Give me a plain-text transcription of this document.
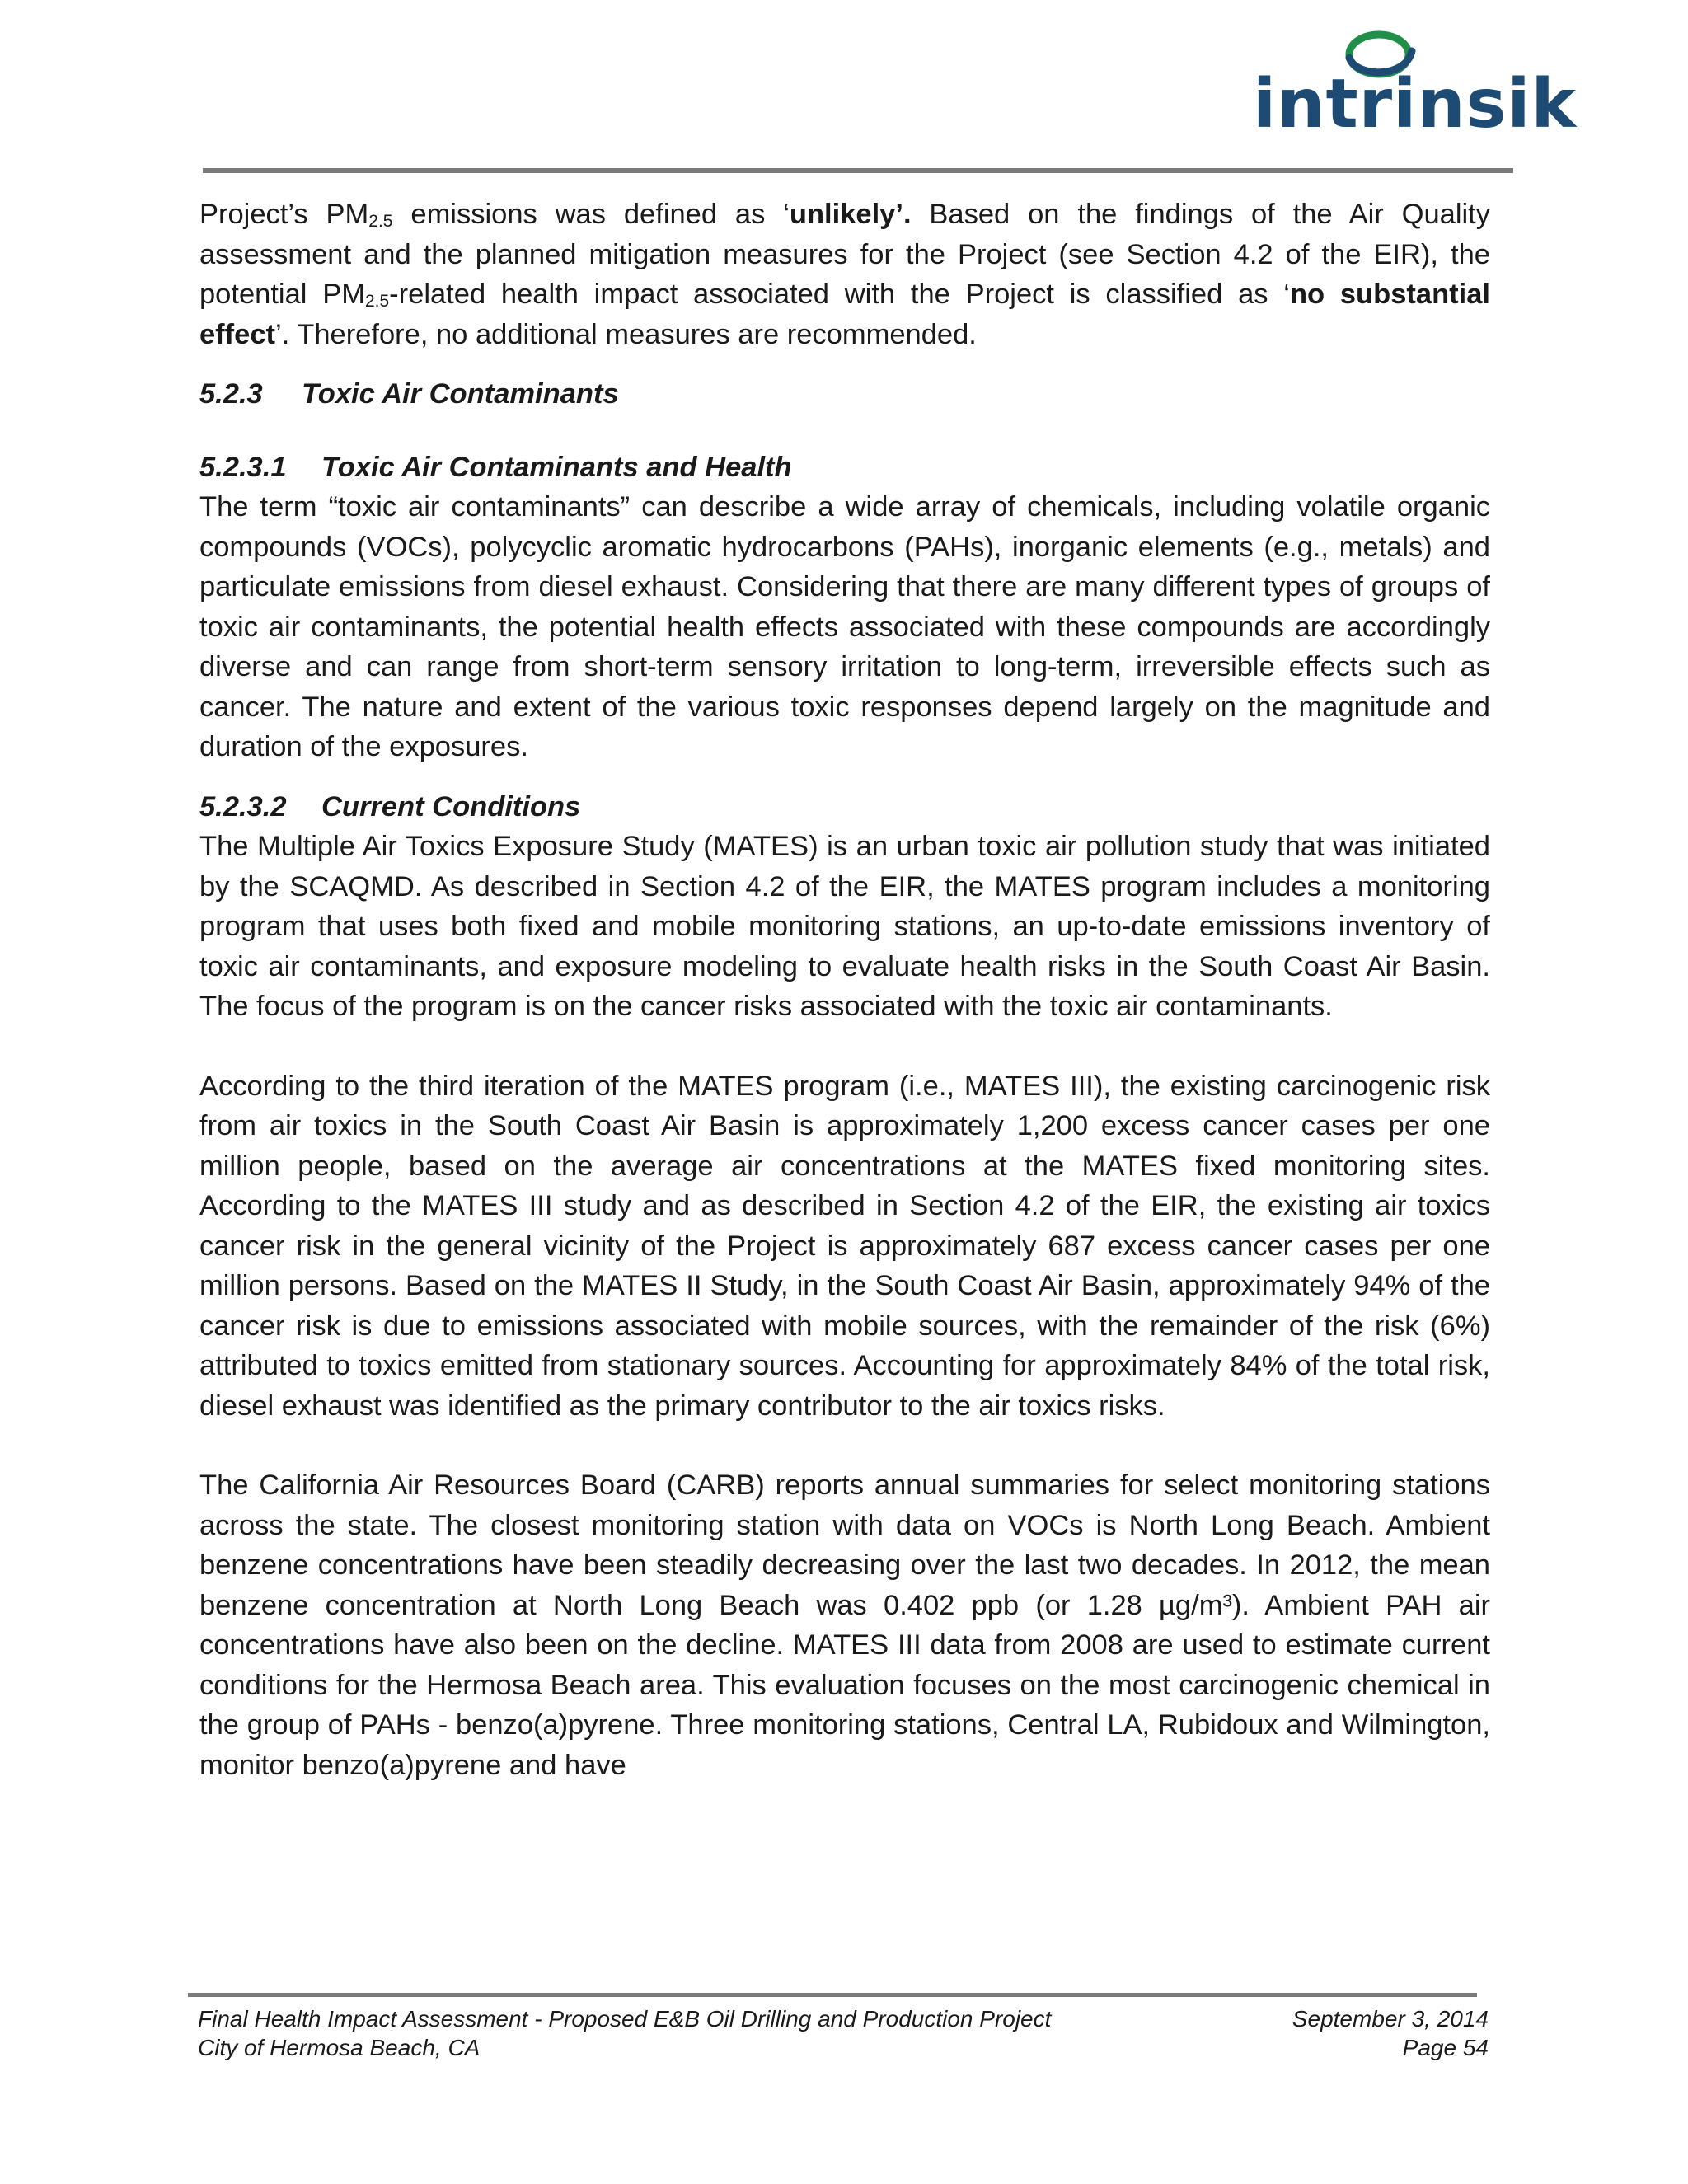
intrinsik

Project’s PM2.5 emissions was defined as ‘unlikely’. Based on the findings of the Air Quality assessment and the planned mitigation measures for the Project (see Section 4.2 of the EIR), the potential PM2.5-related health impact associated with the Project is classified as ‘no substantial effect’. Therefore, no additional measures are recommended.

5.2.3 Toxic Air Contaminants
5.2.3.1 Toxic Air Contaminants and Health

The term “toxic air contaminants” can describe a wide array of chemicals, including volatile organic compounds (VOCs), polycyclic aromatic hydrocarbons (PAHs), inorganic elements (e.g., metals) and particulate emissions from diesel exhaust. Considering that there are many different types of groups of toxic air contaminants, the potential health effects associated with these compounds are accordingly diverse and can range from short-term sensory irritation to long-term, irreversible effects such as cancer. The nature and extent of the various toxic responses depend largely on the magnitude and duration of the exposures.

5.2.3.2 Current Conditions

The Multiple Air Toxics Exposure Study (MATES) is an urban toxic air pollution study that was initiated by the SCAQMD. As described in Section 4.2 of the EIR, the MATES program includes a monitoring program that uses both fixed and mobile monitoring stations, an up-to-date emissions inventory of toxic air contaminants, and exposure modeling to evaluate health risks in the South Coast Air Basin. The focus of the program is on the cancer risks associated with the toxic air contaminants.

According to the third iteration of the MATES program (i.e., MATES III), the existing carcinogenic risk from air toxics in the South Coast Air Basin is approximately 1,200 excess cancer cases per one million people, based on the average air concentrations at the MATES fixed monitoring sites. According to the MATES III study and as described in Section 4.2 of the EIR, the existing air toxics cancer risk in the general vicinity of the Project is approximately 687 excess cancer cases per one million persons. Based on the MATES II Study, in the South Coast Air Basin, approximately 94% of the cancer risk is due to emissions associated with mobile sources, with the remainder of the risk (6%) attributed to toxics emitted from stationary sources. Accounting for approximately 84% of the total risk, diesel exhaust was identified as the primary contributor to the air toxics risks.

The California Air Resources Board (CARB) reports annual summaries for select monitoring stations across the state. The closest monitoring station with data on VOCs is North Long Beach. Ambient benzene concentrations have been steadily decreasing over the last two decades. In 2012, the mean benzene concentration at North Long Beach was 0.402 ppb (or 1.28 µg/m³). Ambient PAH air concentrations have also been on the decline. MATES III data from 2008 are used to estimate current conditions for the Hermosa Beach area. This evaluation focuses on the most carcinogenic chemical in the group of PAHs - benzo(a)pyrene. Three monitoring stations, Central LA, Rubidoux and Wilmington, monitor benzo(a)pyrene and have

Final Health Impact Assessment - Proposed E&B Oil Drilling and Production Project	September 3, 2014
City of Hermosa Beach, CA	Page 54
